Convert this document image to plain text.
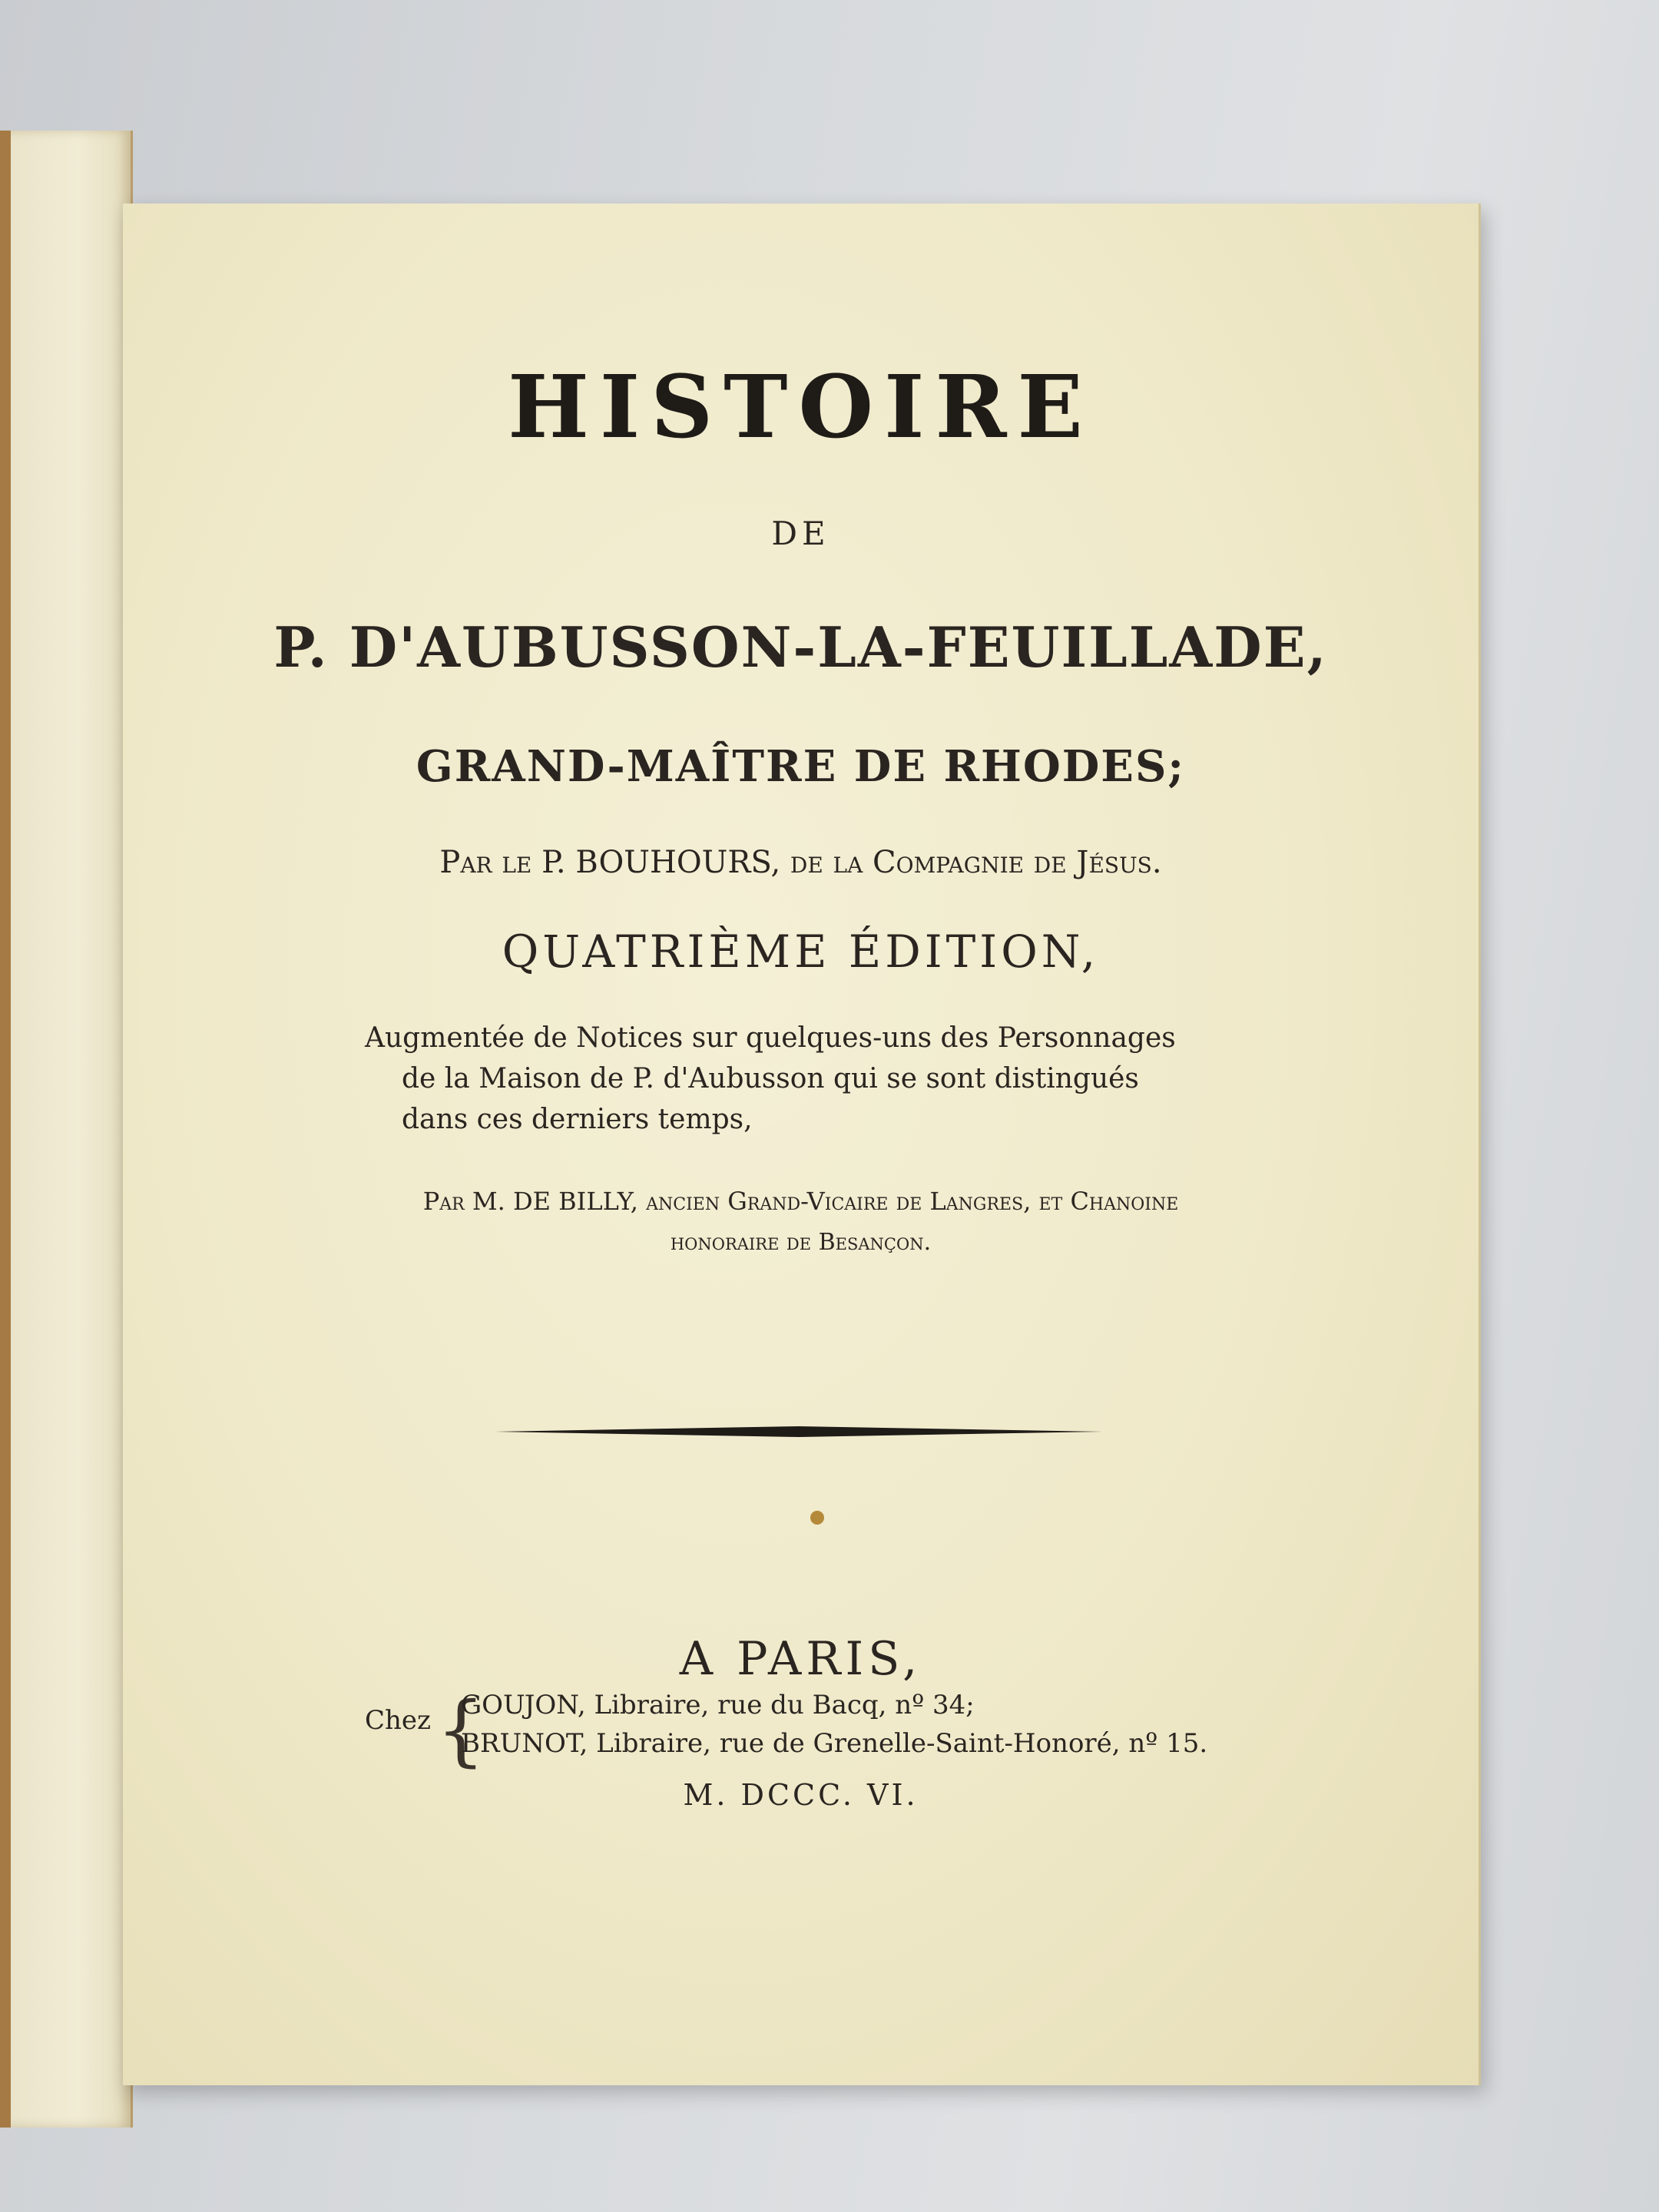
HISTOIRE
DE
P. D'AUBUSSON-LA-FEUILLADE,
GRAND-MAÎTRE DE RHODES;
Par le P. BOUHOURS, de la Compagnie de Jésus.
QUATRIÈME ÉDITION,
Augmentée de Notices sur quelques-uns des Personnages
de la Maison de P. d'Aubusson qui se sont distingués
dans ces derniers temps,
Par M. DE BILLY, ancien Grand-Vicaire de Langres, et Chanoine
honoraire de Besançon.
A PARIS,
Chez {
GOUJON, Libraire, rue du Bacq, nº 34;
BRUNOT, Libraire, rue de Grenelle-Saint-Honoré, nº 15.
M. DCCC. VI.
